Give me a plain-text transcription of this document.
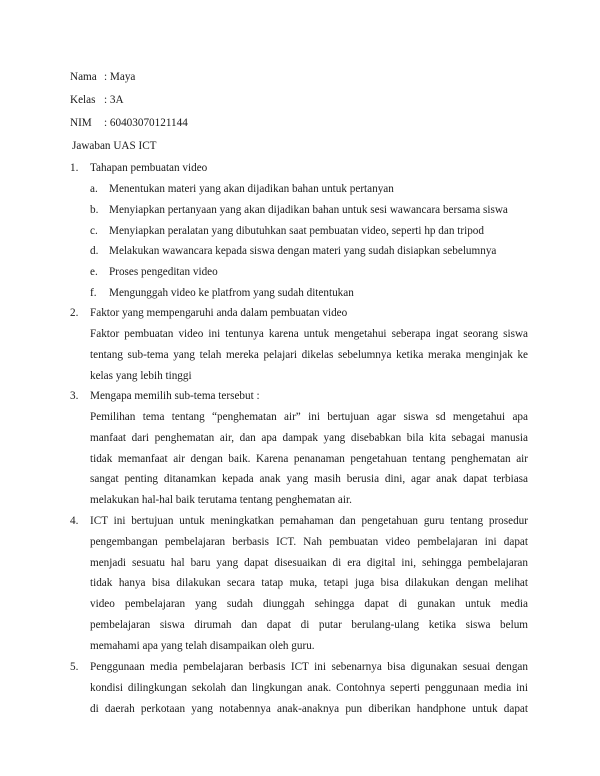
Nama : Maya
Kelas : 3A
NIM : 60403070121144
Jawaban UAS ICT
1. Tahapan pembuatan video
a. Menentukan materi yang akan dijadikan bahan untuk pertanyan
b. Menyiapkan pertanyaan yang akan dijadikan bahan untuk sesi wawancara bersama siswa
c. Menyiapkan peralatan yang dibutuhkan saat pembuatan video, seperti hp dan tripod
d. Melakukan wawancara kepada siswa dengan materi yang sudah disiapkan sebelumnya
e. Proses pengeditan video
f. Mengunggah video ke platfrom yang sudah ditentukan
2. Faktor yang mempengaruhi anda dalam pembuatan video
Faktor pembuatan video ini tentunya karena untuk mengetahui seberapa ingat seorang siswa
tentang sub-tema yang telah mereka pelajari dikelas sebelumnya ketika meraka menginjak ke
kelas yang lebih tinggi
3. Mengapa memilih sub-tema tersebut :
Pemilihan tema tentang “penghematan air” ini bertujuan agar siswa sd mengetahui apa
manfaat dari penghematan air, dan apa dampak yang disebabkan bila kita sebagai manusia
tidak memanfaat air dengan baik. Karena penanaman pengetahuan tentang penghematan air
sangat penting ditanamkan kepada anak yang masih berusia dini, agar anak dapat terbiasa
melakukan hal-hal baik terutama tentang penghematan air.
4. ICT ini bertujuan untuk meningkatkan pemahaman dan pengetahuan guru tentang prosedur
pengembangan pembelajaran berbasis ICT. Nah pembuatan video pembelajaran ini dapat
menjadi sesuatu hal baru yang dapat disesuaikan di era digital ini, sehingga pembelajaran
tidak hanya bisa dilakukan secara tatap muka, tetapi juga bisa dilakukan dengan melihat
video pembelajaran yang sudah diunggah sehingga dapat di gunakan untuk media
pembelajaran siswa dirumah dan dapat di putar berulang-ulang ketika siswa belum
memahami apa yang telah disampaikan oleh guru.
5. Penggunaan media pembelajaran berbasis ICT ini sebenarnya bisa digunakan sesuai dengan
kondisi dilingkungan sekolah dan lingkungan anak. Contohnya seperti penggunaan media ini
di daerah perkotaan yang notabennya anak-anaknya pun diberikan handphone untuk dapat
